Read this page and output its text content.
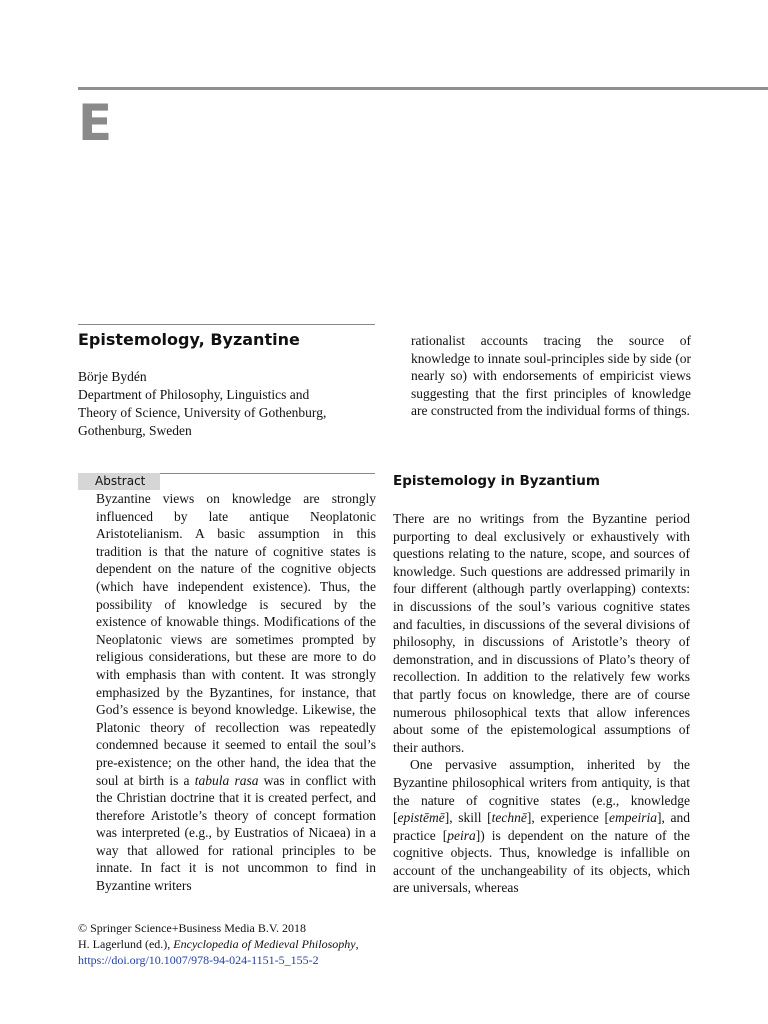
E
Epistemology, Byzantine

Börje Bydén

Department of Philosophy, Linguistics and

Theory of Science, University of Gothenburg,

Gothenburg, Sweden

Abstract
Byzantine views on knowledge are strongly influenced by late antique Neoplatonic Aristotelianism. A basic assumption in this tradition is that the nature of cognitive states is dependent on the nature of the cognitive objects (which have independent existence). Thus, the possibility of knowledge is secured by the existence of knowable things. Modifications of the Neoplatonic views are sometimes prompted by religious considerations, but these are more to do with emphasis than with content. It was strongly emphasized by the Byzantines, for instance, that God’s essence is beyond knowledge. Likewise, the Platonic theory of recollection was repeatedly condemned because it seemed to entail the soul’s pre-existence; on the other hand, the idea that the soul at birth is a tabula rasa was in conflict with the Christian doctrine that it is created perfect, and therefore Aristotle’s theory of concept formation was interpreted (e.g., by Eustratios of Nicaea) in a way that allowed for rational principles to be innate. In fact it is not uncommon to find in Byzantine writers
rationalist accounts tracing the source of knowledge to innate soul-principles side by side (or nearly so) with endorsements of empiricist views suggesting that the first principles of knowledge are constructed from the individual forms of things.
Epistemology in Byzantium

There are no writings from the Byzantine period purporting to deal exclusively or exhaustively with questions relating to the nature, scope, and sources of knowledge. Such questions are addressed primarily in four different (although partly overlapping) contexts: in discussions of the soul’s various cognitive states and faculties, in discussions of the several divisions of philosophy, in discussions of Aristotle’s theory of demonstration, and in discussions of Plato’s theory of recollection. In addition to the relatively few works that partly focus on knowledge, there are of course numerous philosophical texts that allow inferences about some of the epistemological assumptions of their authors.

One pervasive assumption, inherited by the Byzantine philosophical writers from antiquity, is that the nature of cognitive states (e.g., knowledge [epistēmē], skill [technē], experience [empeiria], and practice [peira]) is dependent on the nature of the cognitive objects. Thus, knowledge is infallible on account of the unchangeability of its objects, which are universals, whereas

© Springer Science+Business Media B.V. 2018

H. Lagerlund (ed.), Encyclopedia of Medieval Philosophy,

https://doi.org/10.1007/978-94-024-1151-5_155-2
